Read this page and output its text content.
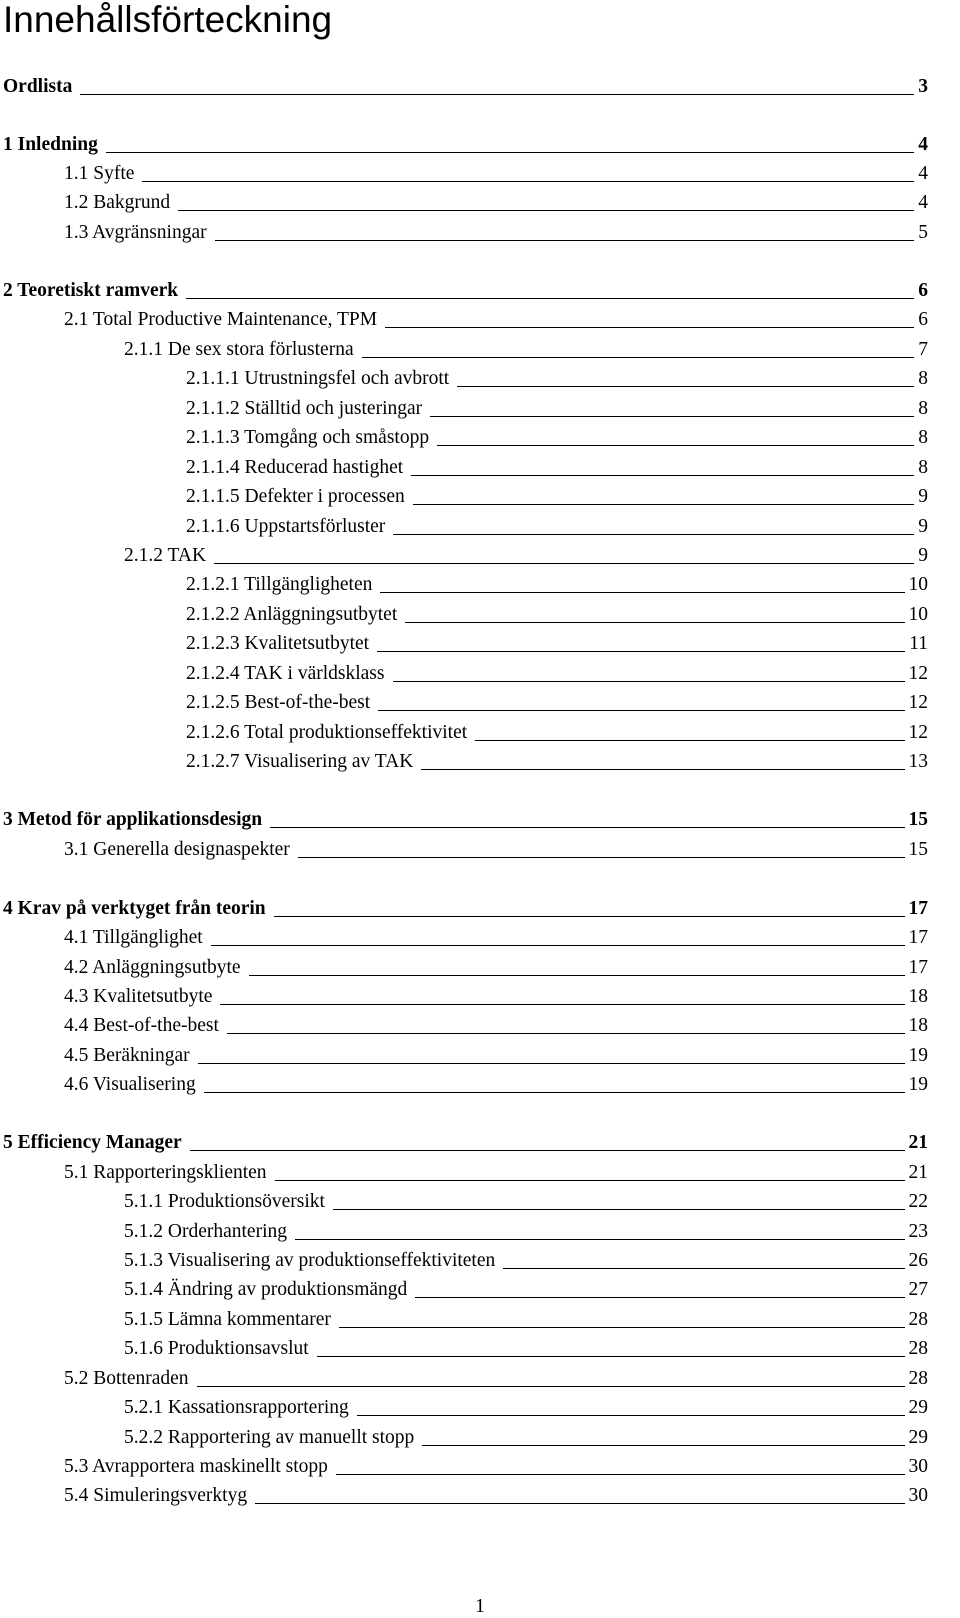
Innehållsförteckning
Ordlista	3
1 Inledning	4
1.1 Syfte	4
1.2 Bakgrund	4
1.3 Avgränsningar	5
2 Teoretiskt ramverk	6
2.1 Total Productive Maintenance, TPM	6
2.1.1 De sex stora förlusterna	7
2.1.1.1 Utrustningsfel och avbrott	8
2.1.1.2 Ställtid och justeringar	8
2.1.1.3 Tomgång och småstopp	8
2.1.1.4 Reducerad hastighet	8
2.1.1.5 Defekter i processen	9
2.1.1.6 Uppstartsförluster	9
2.1.2 TAK	9
2.1.2.1 Tillgängligheten	10
2.1.2.2 Anläggningsutbytet	10
2.1.2.3 Kvalitetsutbytet	11
2.1.2.4 TAK i världsklass	12
2.1.2.5 Best-of-the-best	12
2.1.2.6 Total produktionseffektivitet	12
2.1.2.7 Visualisering av TAK	13
3 Metod för applikationsdesign	15
3.1 Generella designaspekter	15
4 Krav på verktyget från teorin	17
4.1 Tillgänglighet	17
4.2 Anläggningsutbyte	17
4.3 Kvalitetsutbyte	18
4.4 Best-of-the-best	18
4.5 Beräkningar	19
4.6 Visualisering	19
5 Efficiency Manager	21
5.1 Rapporteringsklienten	21
5.1.1 Produktionsöversikt	22
5.1.2 Orderhantering	23
5.1.3 Visualisering av produktionseffektiviteten	26
5.1.4 Ändring av produktionsmängd	27
5.1.5 Lämna kommentarer	28
5.1.6 Produktionsavslut	28
5.2 Bottenraden	28
5.2.1 Kassationsrapportering	29
5.2.2 Rapportering av manuellt stopp	29
5.3 Avrapportera maskinellt stopp	30
5.4 Simuleringsverktyg	30
1
